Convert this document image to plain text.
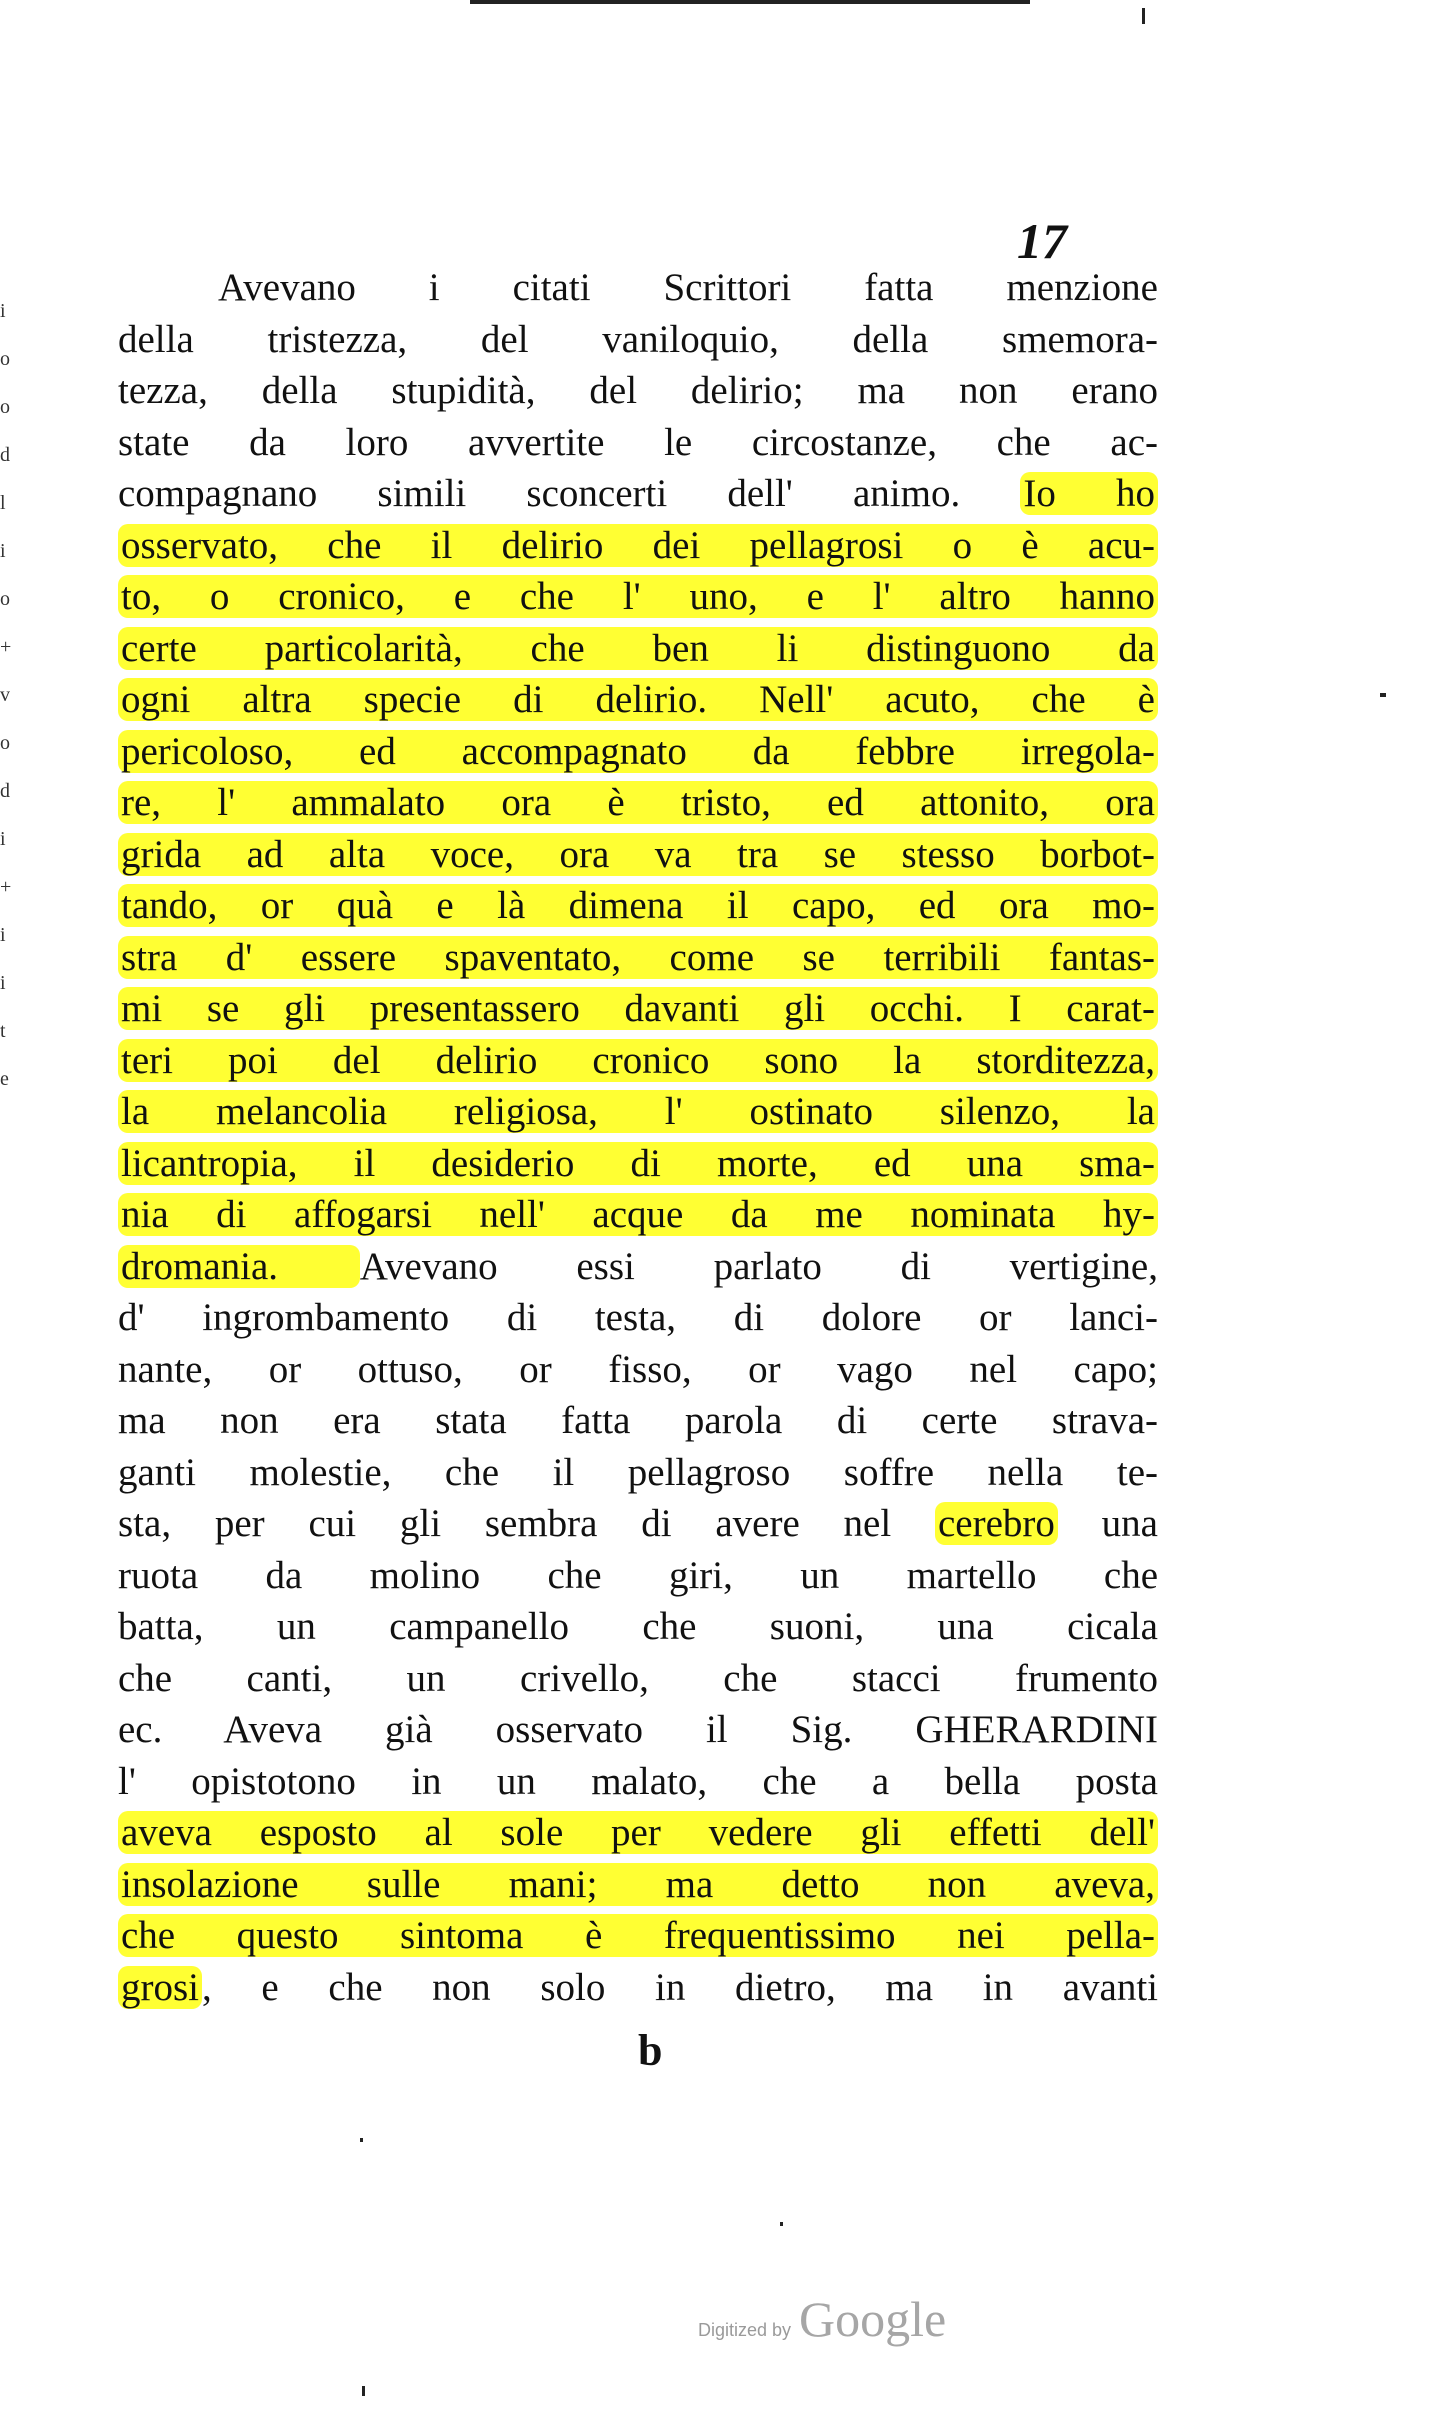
17
i
o
o
d
l
i
o
+
v
o
d
i
+
i
i
t
e
Avevano i citati Scrittori fatta menzione
della tristezza, del vaniloquio, della smemora-
tezza, della stupidità, del delirio; ma non erano
state da loro avvertite le circostanze, che ac-
compagnano simili sconcerti dell' animo. Io ho
osservato, che il delirio dei pellagrosi o è acu-
to, o cronico, e che l' uno, e l' altro hanno
certe particolarità, che ben li distinguono da
ogni altra specie di delirio. Nell' acuto, che è
pericoloso, ed accompagnato da febbre irregola-
re, l' ammalato ora è tristo, ed attonito, ora
grida ad alta voce, ora va tra se stesso borbot-
tando, or quà e là dimena il capo, ed ora mo-
stra d' essere spaventato, come se terribili fantas-
mi se gli presentassero davanti gli occhi. I carat-
teri poi del delirio cronico sono la storditezza,
la melancolia religiosa, l' ostinato silenzo, la
licantropia, il desiderio di morte, ed una sma-
nia di affogarsi nell' acque da me nominata hy-
dromania. Avevano essi parlato di vertigine,
d' ingrombamento di testa, di dolore or lanci-
nante, or ottuso, or fisso, or vago nel capo;
ma non era stata fatta parola di certe strava-
ganti molestie, che il pellagroso soffre nella te-
sta, per cui gli sembra di avere nel cerebro una
ruota da molino che giri, un martello che
batta, un campanello che suoni, una cicala
che canti, un crivello, che stacci frumento
ec. Aveva già osservato il Sig. GHERARDINI
l' opistotono in un malato, che a bella posta
aveva esposto al sole per vedere gli effetti dell'
insolazione sulle mani; ma detto non aveva,
che questo sintoma è frequentissimo nei pella-
grosi, e che non solo in dietro, ma in avanti
b
Digitized by Google
